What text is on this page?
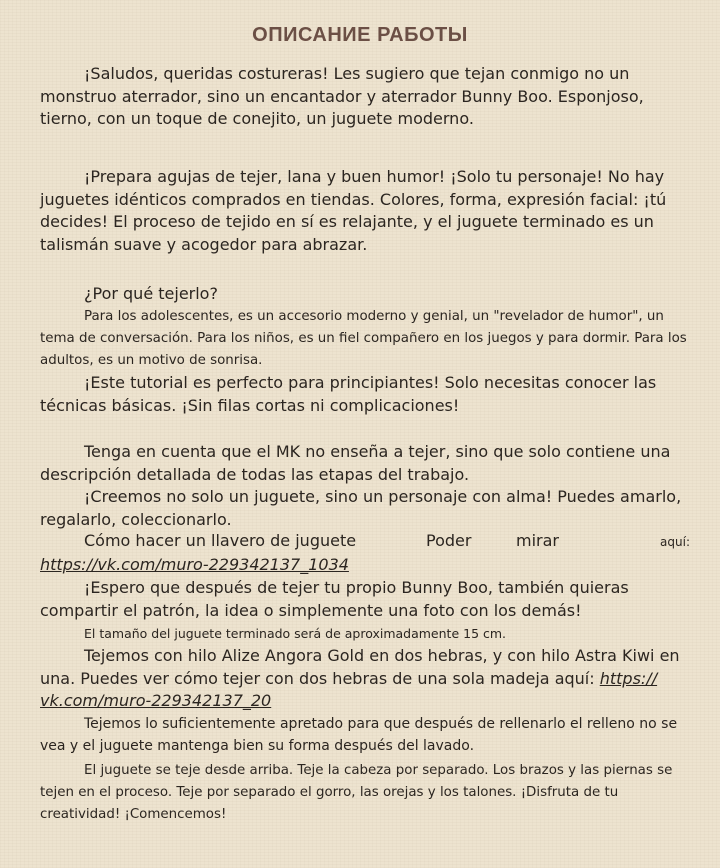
ОПИСАНИЕ РАБОТЫ

¡Saludos, queridas costureras! Les sugiero que tejan conmigo no un monstruo aterrador, sino un encantador y aterrador Bunny Boo. Esponjoso, tierno, con un toque de conejito, un juguete moderno.

¡Prepara agujas de tejer, lana y buen humor! ¡Solo tu personaje! No hay juguetes idénticos comprados en tiendas. Colores, forma, expresión facial: ¡tú decides! El proceso de tejido en sí es relajante, y el juguete terminado es un talismán suave y acogedor para abrazar.

¿Por qué tejerlo?

Para los adolescentes, es un accesorio moderno y genial, un "revelador de humor", un tema de conversación. Para los niños, es un fiel compañero en los juegos y para dormir. Para los adultos, es un motivo de sonrisa.

¡Este tutorial es perfecto para principiantes! Solo necesitas conocer las técnicas básicas. ¡Sin filas cortas ni complicaciones!

Tenga en cuenta que el MK no enseña a tejer, sino que solo contiene una descripción detallada de todas las etapas del trabajo.

¡Creemos no solo un juguete, sino un personaje con alma! Puedes amarlo, regalarlo, coleccionarlo.

Cómo hacer un llavero de juguete	Poder	mirar	aquí:

https://vk.com/muro-229342137_1034

¡Espero que después de tejer tu propio Bunny Boo, también quieras compartir el patrón, la idea o simplemente una foto con los demás!

El tamaño del juguete terminado será de aproximadamente 15 cm.

Tejemos con hilo Alize Angora Gold en dos hebras, y con hilo Astra Kiwi en una. Puedes ver cómo tejer con dos hebras de una sola madeja aquí: https:// vk.com/muro-229342137_20

Tejemos lo suficientemente apretado para que después de rellenarlo el relleno no se vea y el juguete mantenga bien su forma después del lavado.

El juguete se teje desde arriba. Teje la cabeza por separado. Los brazos y las piernas se tejen en el proceso. Teje por separado el gorro, las orejas y los talones. ¡Disfruta de tu creatividad! ¡Comencemos!
